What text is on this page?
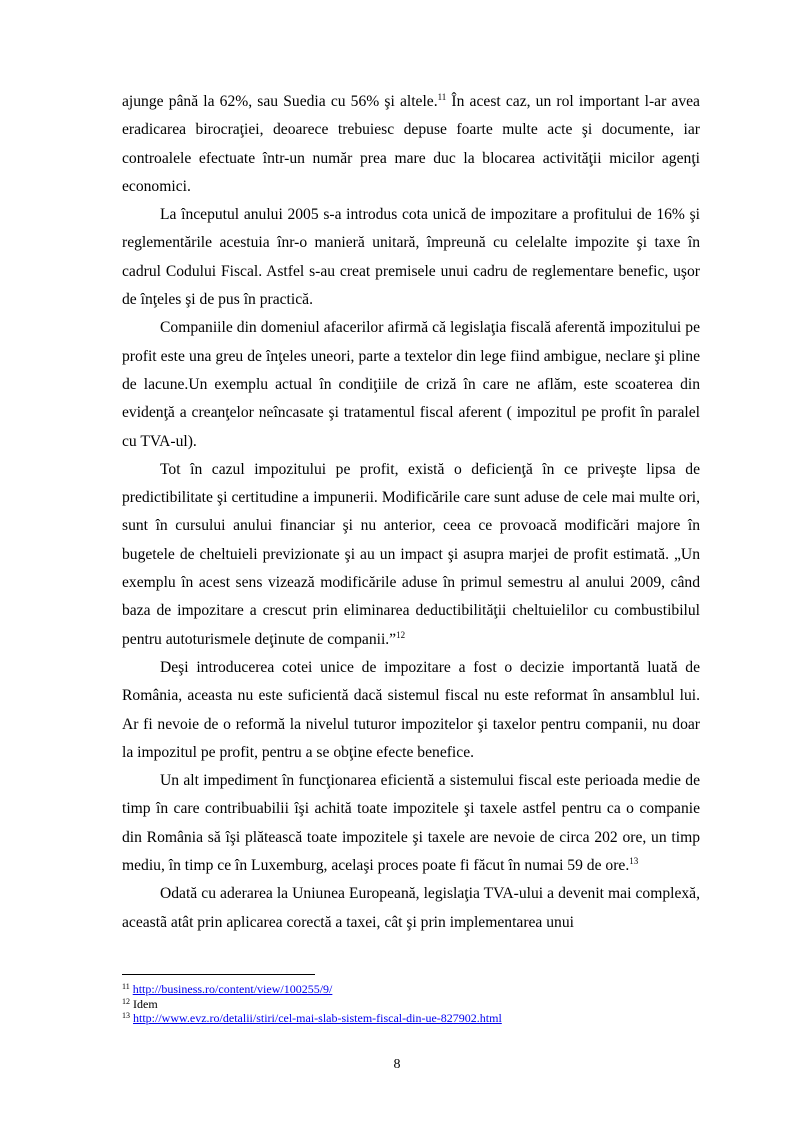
ajunge până la 62%, sau Suedia cu 56% şi altele.$^{11}$ În acest caz, un rol important l-ar avea eradicarea birocraţiei, deoarece trebuiesc depuse foarte multe acte şi documente, iar controalele efectuate într-un număr prea mare duc la blocarea activităţii micilor agenţi economici.

La începutul anului 2005 s-a introdus cota unică de impozitare a profitului de 16% şi reglementările acestuia înr-o manieră unitară, împreună cu celelalte impozite şi taxe în cadrul Codului Fiscal. Astfel s-au creat premisele unui cadru de reglementare benefic, uşor de înţeles şi de pus în practică.

Companiile din domeniul afacerilor afirmă că legislaţia fiscală aferentă impozitului pe profit este una greu de înţeles uneori, parte a textelor din lege fiind ambigue, neclare şi pline de lacune.Un exemplu actual în condiţiile de criză în care ne aflăm, este scoaterea din evidenţă a creanţelor neîncasate şi tratamentul fiscal aferent ( impozitul pe profit în paralel cu TVA-ul).

Tot în cazul impozitului pe profit, există o deficienţă în ce priveşte lipsa de predictibilitate şi certitudine a impunerii. Modificările care sunt aduse de cele mai multe ori, sunt în cursului anului financiar şi nu anterior, ceea ce provoacă modificări majore în bugetele de cheltuieli previzionate şi au un impact şi asupra marjei de profit estimată. „Un exemplu în acest sens vizează modificările aduse în primul semestru al anului 2009, când baza de impozitare a crescut prin eliminarea deductibilităţii cheltuielilor cu combustibilul pentru autoturismele deţinute de companii.”$^{12}$

Deşi introducerea cotei unice de impozitare a fost o decizie importantă luată de România, aceasta nu este suficientă dacă sistemul fiscal nu este reformat în ansamblul lui. Ar fi nevoie de o reformă la nivelul tuturor impozitelor şi taxelor pentru companii, nu doar la impozitul pe profit, pentru a se obţine efecte benefice.

Un alt impediment în funcţionarea eficientă a sistemului fiscal este perioada medie de timp în care contribuabilii îşi achită toate impozitele şi taxele astfel pentru ca o companie din România să îşi plătească toate impozitele şi taxele are nevoie de circa 202 ore, un timp mediu, în timp ce în Luxemburg, acelaşi proces poate fi făcut în numai 59 de ore.$^{13}$

Odată cu aderarea la Uniunea Europeană, legislaţia TVA-ului a devenit mai complexă, aceastã atât prin aplicarea corectă a taxei, cât şi prin implementarea unui

$^{11}$ http://business.ro/content/view/100255/9/
$^{12}$ Idem
$^{13}$ http://www.evz.ro/detalii/stiri/cel-mai-slab-sistem-fiscal-din-ue-827902.html
8
